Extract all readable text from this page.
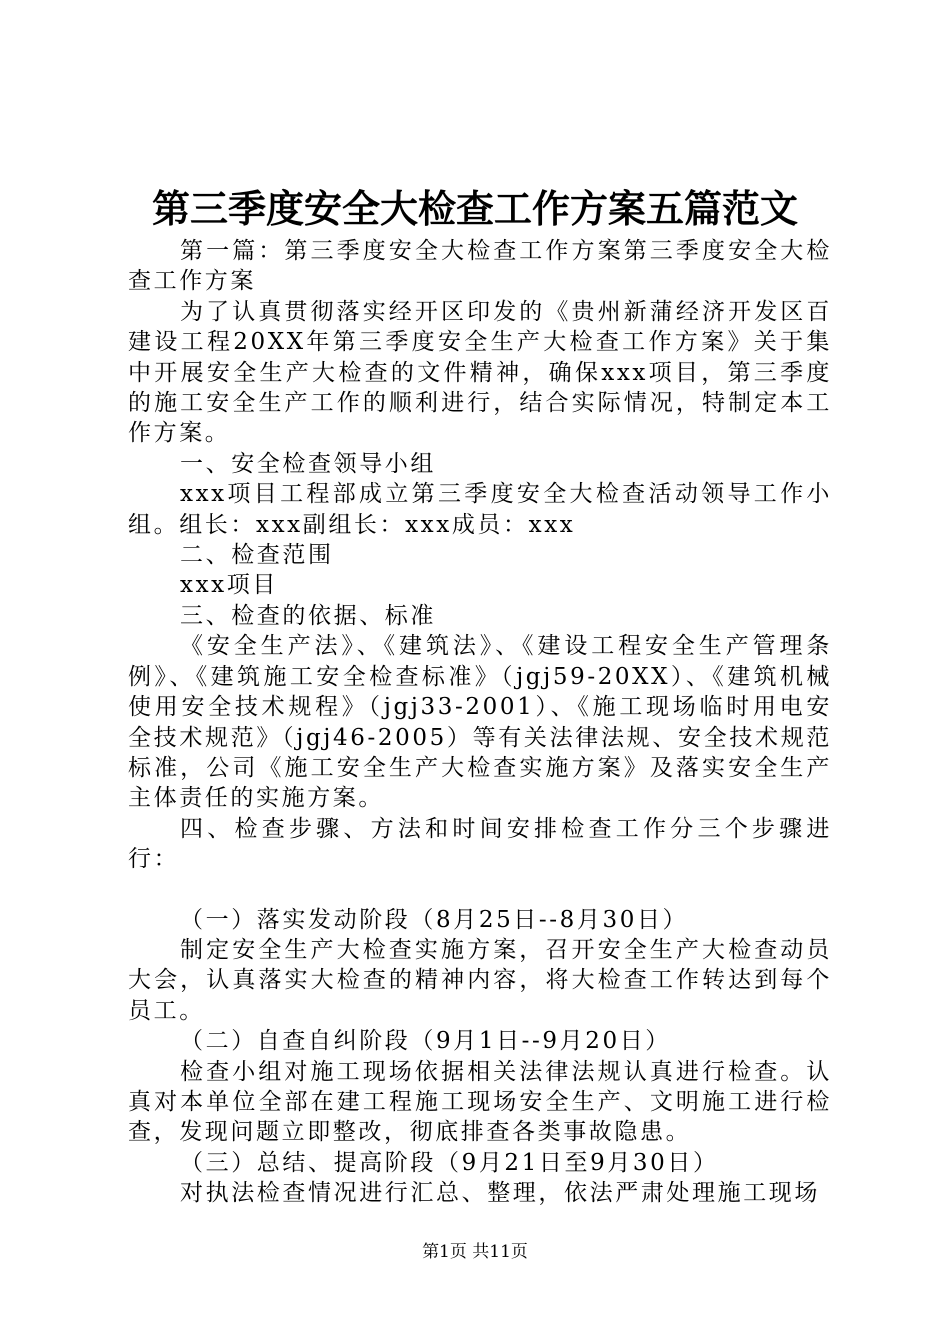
第三季度安全大检查工作方案五篇范文

第一篇：第三季度安全大检查工作方案第三季度安全大检查工作方案

为了认真贯彻落实经开区印发的《贵州新蒲经济开发区百建设工程20XX年第三季度安全生产大检查工作方案》关于集中开展安全生产大检查的文件精神，确保xxx项目，第三季度的施工安全生产工作的顺利进行，结合实际情况，特制定本工作方案。

一、安全检查领导小组

xxx项目工程部成立第三季度安全大检查活动领导工作小组。组长：xxx副组长：xxx成员：xxx

二、检查范围

xxx项目

三、检查的依据、标准

《安全生产法》、《建筑法》、《建设工程安全生产管理条例》、《建筑施工安全检查标准》（jgj59-20XX）、《建筑机械使用安全技术规程》（jgj33-2001）、《施工现场临时用电安全技术规范》（jgj46-2005）等有关法律法规、安全技术规范标准，公司《施工安全生产大检查实施方案》及落实安全生产主体责任的实施方案。

四、检查步骤、方法和时间安排检查工作分三个步骤进行：

（一）落实发动阶段（8月25日--8月30日）

制定安全生产大检查实施方案，召开安全生产大检查动员大会，认真落实大检查的精神内容，将大检查工作转达到每个员工。

（二）自查自纠阶段（9月1日--9月20日）

检查小组对施工现场依据相关法律法规认真进行检查。认真对本单位全部在建工程施工现场安全生产、文明施工进行检查，发现问题立即整改，彻底排查各类事故隐患。

（三）总结、提高阶段（9月21日至9月30日）

对执法检查情况进行汇总、整理，依法严肃处理施工现场

第1页 共11页
